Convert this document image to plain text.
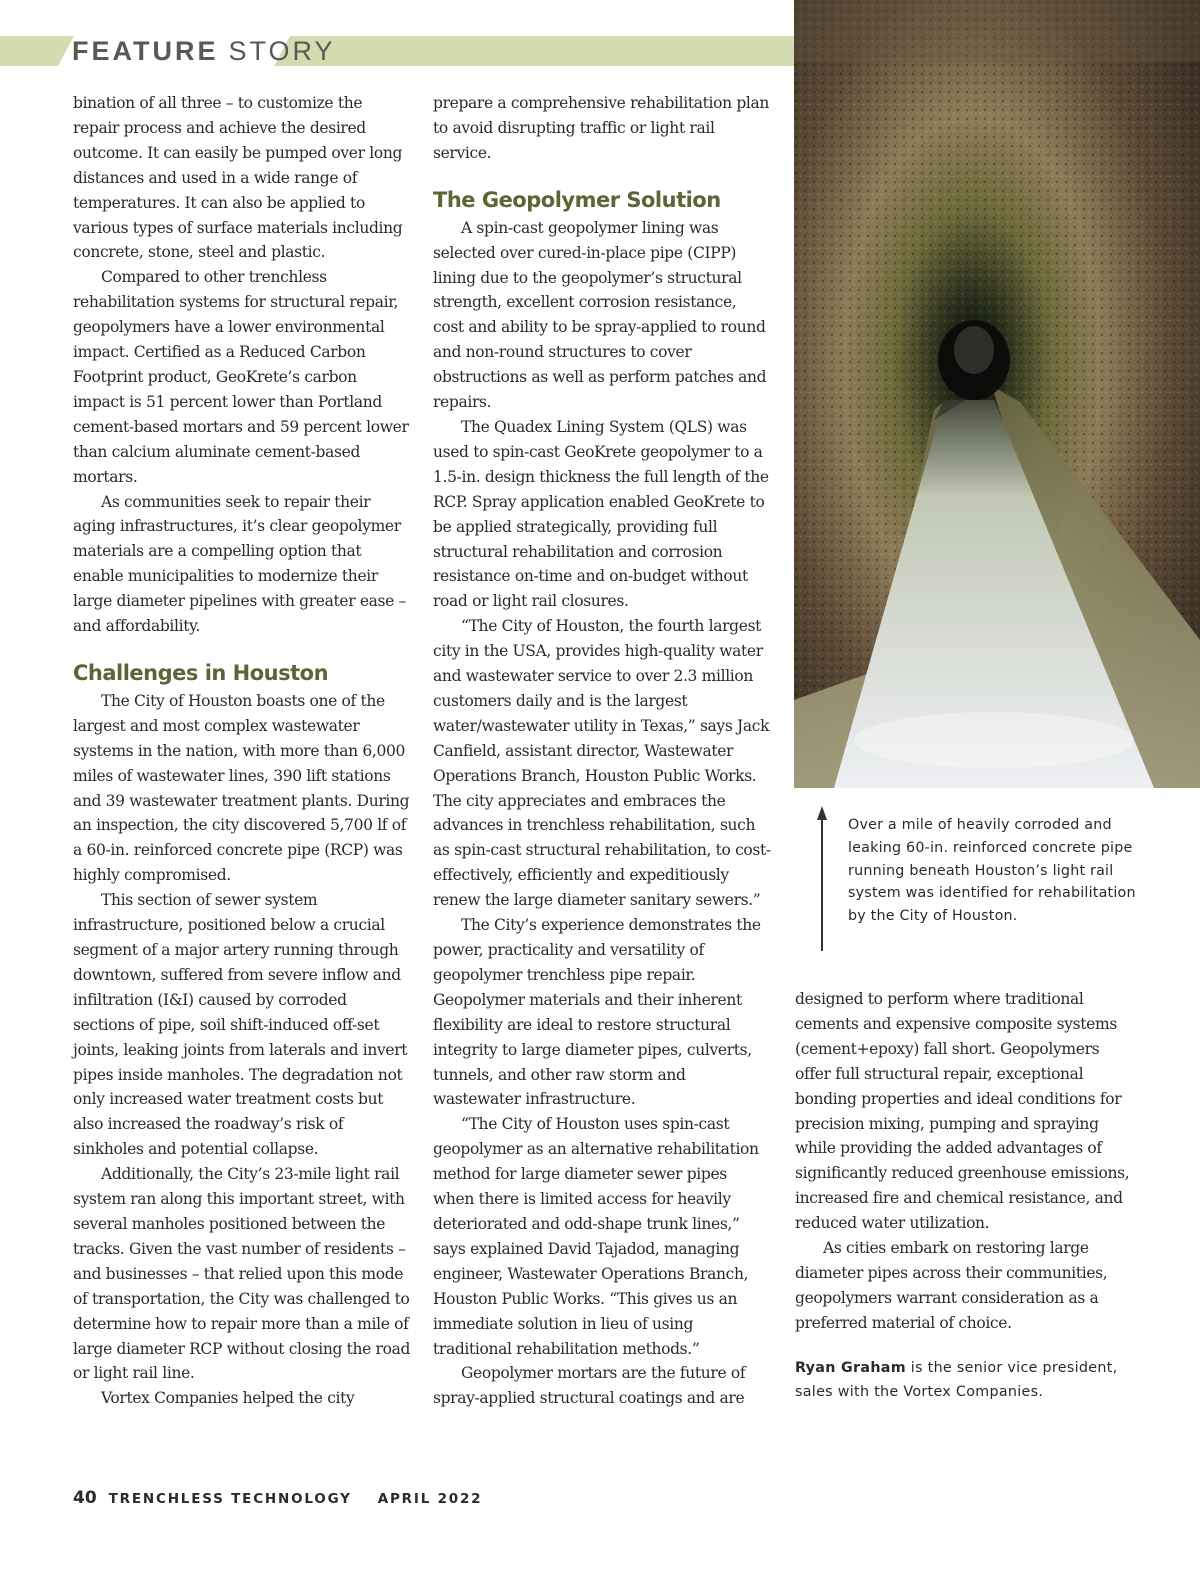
FEATURE STORY

bination of all three – to customize the repair process and achieve the desired outcome. It can easily be pumped over long distances and used in a wide range of temperatures. It can also be applied to various types of surface materials including concrete, stone, steel and plastic.

Compared to other trenchless rehabilitation systems for structural repair, geopolymers have a lower environmental impact. Certified as a Reduced Carbon Footprint product, GeoKrete’s carbon impact is 51 percent lower than Portland cement-based mortars and 59 percent lower than calcium aluminate cement-based mortars.

As communities seek to repair their aging infrastructures, it’s clear geopolymer materials are a compelling option that enable municipalities to modernize their large diameter pipelines with greater ease – and affordability.

Challenges in Houston

The City of Houston boasts one of the largest and most complex wastewater systems in the nation, with more than 6,000 miles of wastewater lines, 390 lift stations and 39 wastewater treatment plants. During an inspection, the city discovered 5,700 lf of a 60-in. reinforced concrete pipe (RCP) was highly compromised.

This section of sewer system infrastructure, positioned below a crucial segment of a major artery running through downtown, suffered from severe inflow and infiltration (I&I) caused by corroded sections of pipe, soil shift-induced off-set joints, leaking joints from laterals and invert pipes inside manholes. The degradation not only increased water treatment costs but also increased the roadway’s risk of sinkholes and potential collapse.

Additionally, the City’s 23-mile light rail system ran along this important street, with several manholes positioned between the tracks. Given the vast number of residents – and businesses – that relied upon this mode of transportation, the City was challenged to determine how to repair more than a mile of large diameter RCP without closing the road or light rail line.

Vortex Companies helped the city

prepare a comprehensive rehabilitation plan to avoid disrupting traffic or light rail service.

The Geopolymer Solution

A spin-cast geopolymer lining was selected over cured-in-place pipe (CIPP) lining due to the geopolymer’s structural strength, excellent corrosion resistance, cost and ability to be spray-applied to round and non-round structures to cover obstructions as well as perform patches and repairs.

The Quadex Lining System (QLS) was used to spin-cast GeoKrete geopolymer to a 1.5-in. design thickness the full length of the RCP. Spray application enabled GeoKrete to be applied strategically, providing full structural rehabilitation and corrosion resistance on-time and on-budget without road or light rail closures.

“The City of Houston, the fourth largest city in the USA, provides high-quality water and wastewater service to over 2.3 million customers daily and is the largest water/wastewater utility in Texas,” says Jack Canfield, assistant director, Wastewater Operations Branch, Houston Public Works. The city appreciates and embraces the advances in trenchless rehabilitation, such as spin-cast structural rehabilitation, to cost-effectively, efficiently and expeditiously renew the large diameter sanitary sewers.”

The City’s experience demonstrates the power, practicality and versatility of geopolymer trenchless pipe repair. Geopolymer materials and their inherent flexibility are ideal to restore structural integrity to large diameter pipes, culverts, tunnels, and other raw storm and wastewater infrastructure.

“The City of Houston uses spin-cast geopolymer as an alternative rehabilitation method for large diameter sewer pipes when there is limited access for heavily deteriorated and odd-shape trunk lines,” says explained David Tajadod, managing engineer, Wastewater Operations Branch, Houston Public Works. “This gives us an immediate solution in lieu of using traditional rehabilitation methods.”

Geopolymer mortars are the future of spray-applied structural coatings and are

Over a mile of heavily corroded and leaking 60-in. reinforced concrete pipe running beneath Houston’s light rail system was identified for rehabilitation by the City of Houston.

designed to perform where traditional cements and expensive composite systems (cement+epoxy) fall short. Geopolymers offer full structural repair, exceptional bonding properties and ideal conditions for precision mixing, pumping and spraying while providing the added advantages of significantly reduced greenhouse emissions, increased fire and chemical resistance, and reduced water utilization.

As cities embark on restoring large diameter pipes across their communities, geopolymers warrant consideration as a preferred material of choice.

Ryan Graham is the senior vice president, sales with the Vortex Companies.
40 TRENCHLESS TECHNOLOGY APRIL 2022
